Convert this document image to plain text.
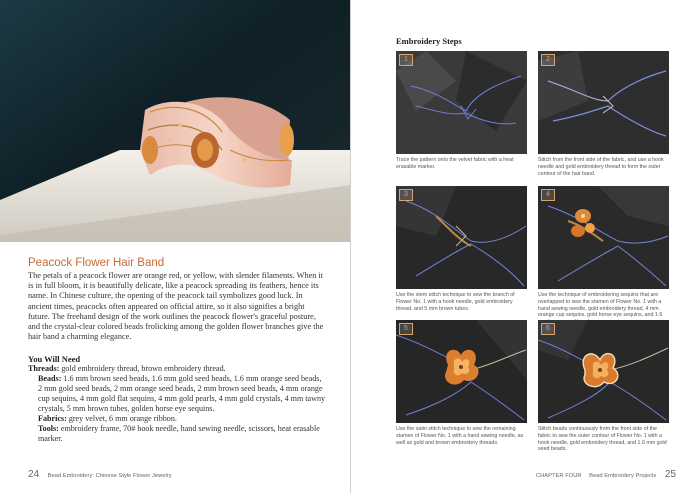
Peacock Flower Hair Band
The petals of a peacock flower are orange red, or yellow, with slender filaments. When it is in full bloom, it is beautifully delicate, like a peacock spreading its feathers, hence its name. In Chinese culture, the opening of the peacock tail symbolizes good luck. In ancient times, peacocks often appeared on official attire, so it also signifies a bright future. The freehand design of the work outlines the peacock flower's graceful posture, and the crystal-clear colored beads frolicking among the golden flower branches give the hair band a charming elegance.
You Will Need

Threads: gold embroidery thread, brown embroidery thread.

Beads: 1.6 mm brown seed beads, 1.6 mm gold seed beads, 1.6 mm orange seed beads, 2 mm gold seed beads, 2 mm orange seed beads, 2 mm brown seed beads, 4 mm orange cup sequins, 4 mm gold flat sequins, 4 mm gold pearls, 4 mm gold crystals, 4 mm tawny crystals, 5 mm brown tubes, golden horse eye sequins.

Fabrics: grey velvet, 6 mm orange ribbon.

Tools: embroidery frame, 70# hook needle, hand sewing needle, scissors, heat erasable marker.

24 Bead Embroidery: Chinese Style Flower Jewelry
Embroidery Steps
1
Trace the pattern onto the velvet fabric with a heat erasable marker.
2
Stitch from the front side of the fabric, and use a hook needle and gold embroidery thread to form the outer contour of the hair band.
3
Use the stem stitch technique to sew the branch of Flower No. 1 with a hook needle, gold embroidery thread, and 5 mm brown tubes.
4
Use the technique of embroidering sequins that are overlapped to sew the stamen of Flower No. 1 with a hand sewing needle, gold embroidery thread, 4 mm orange cup sequins, gold horse eye sequins, and 1.6
5
Use the satin stitch technique to sew the remaining stamen of Flower No. 1 with a hand sewing needle, as well as gold and brown embroidery threads.
6
Stitch beads continuously from the front side of the fabric to sew the outer contour of Flower No. 1 with a hook needle, gold embroidery thread, and 1.6 mm gold seed beads.
CHAPTER FOUR Bead Embroidery Projects 25
